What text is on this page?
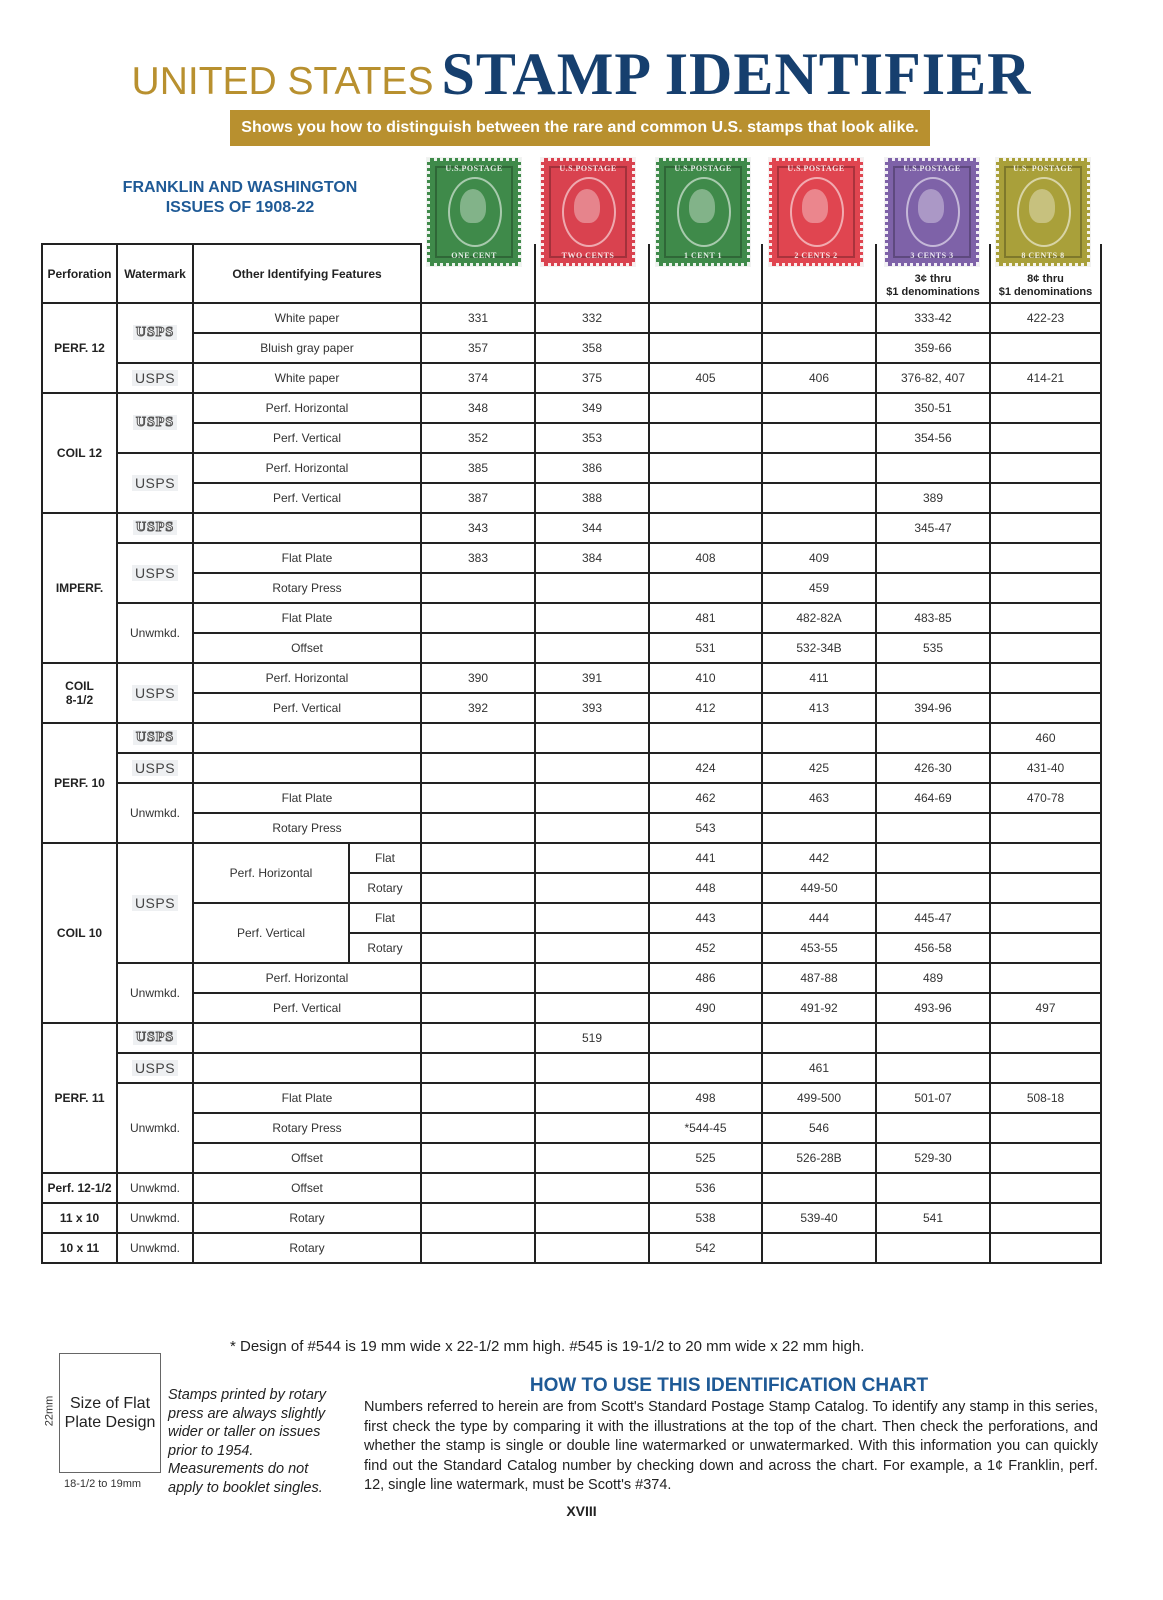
UNITED STATES STAMP IDENTIFIER
Shows you how to distinguish between the rare and common U.S. stamps that look alike.
FRANKLIN AND WASHINGTON
ISSUES OF 1908-22
U.S.POSTAGE
ONE CENT
U.S.POSTAGE
TWO CENTS
U.S.POSTAGE
1 CENT 1
U.S.POSTAGE
2 CENTS 2
U.S.POSTAGE
3 CENTS 3
U.S. POSTAGE
8 CENTS 8
Perforation	Watermark	Other Identifying Features						3¢ thru
$1 denominations	8¢ thru
$1 denominations
PERF. 12	USPS	White paper		331	332			333-42	422-23
		Bluish gray paper		357	358			359-66	
	USPS	White paper		374	375	405	406	376-82, 407	414-21
COIL 12	USPS	Perf. Horizontal		348	349			350-51	
		Perf. Vertical		352	353			354-56	
	USPS	Perf. Horizontal		385	386				
		Perf. Vertical		387	388			389	
IMPERF.	USPS			343	344			345-47	
	USPS	Flat Plate		383	384	408	409		
		Rotary Press					459		
	Unwmkd.	Flat Plate				481	482-82A	483-85	
		Offset				531	532-34B	535	
COIL
8-1/2	USPS	Perf. Horizontal		390	391	410	411		
		Perf. Vertical		392	393	412	413	394-96	
PERF. 10	USPS								460
	USPS					424	425	426-30	431-40
	Unwmkd.	Flat Plate				462	463	464-69	470-78
		Rotary Press				543			
COIL 10	USPS	Perf. Horizontal	Flat			441	442		
			Rotary			448	449-50		
		Perf. Vertical	Flat			443	444	445-47	
			Rotary			452	453-55	456-58	
	Unwmkd.	Perf. Horizontal				486	487-88	489	
		Perf. Vertical				490	491-92	493-96	497
PERF. 11	USPS				519				
	USPS						461		
	Unwmkd.	Flat Plate				498	499-500	501-07	508-18
		Rotary Press				*544-45	546		
		Offset				525	526-28B	529-30	
Perf. 12-1/2	Unwkmd.	Offset				536			
11 x 10	Unwkmd.	Rotary				538	539-40	541	
10 x 11	Unwkmd.	Rotary				542			
* Design of #544 is 19 mm wide x 22-1/2 mm high. #545 is 19-1/2 to 20 mm wide x 22 mm high.
Size of Flat Plate Design
22mm
18-1/2 to 19mm
Stamps printed by rotary press are always slightly wider or taller on issues prior to 1954. Measurements do not apply to booklet singles.
HOW TO USE THIS IDENTIFICATION CHART
Numbers referred to herein are from Scott's Standard Postage Stamp Catalog. To identify any stamp in this series, first check the type by comparing it with the illustrations at the top of the chart. Then check the perforations, and whether the stamp is single or double line watermarked or unwatermarked. With this information you can quickly find out the Standard Catalog number by checking down and across the chart. For example, a 1¢ Franklin, perf. 12, single line watermark, must be Scott's #374.
XVIII
